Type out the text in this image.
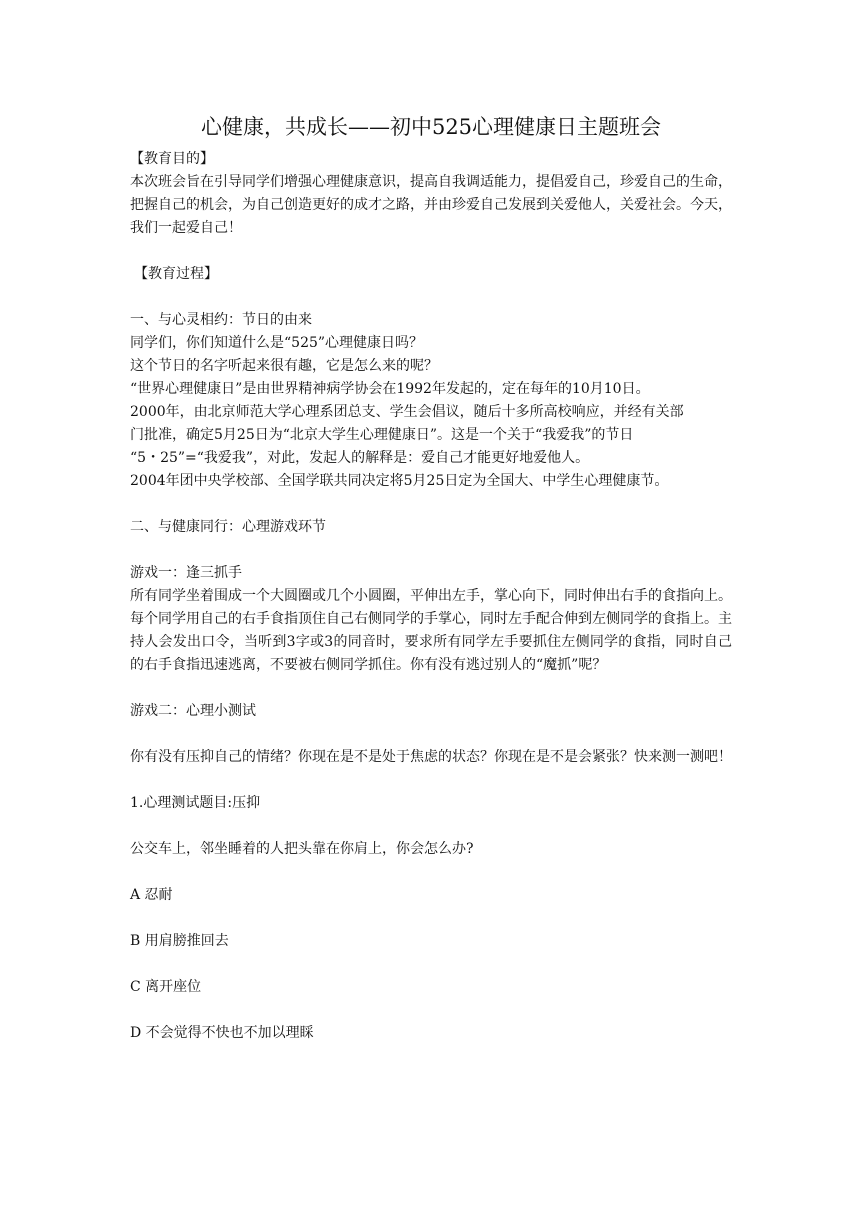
心健康，共成长——初中525心理健康日主题班会

【教育目的】

本次班会旨在引导同学们增强心理健康意识，提高自我调适能力，提倡爱自己，珍爱自己的生命，把握自己的机会，为自己创造更好的成才之路，并由珍爱自己发展到关爱他人，关爱社会。今天，我们一起爱自己！

【教育过程】

一、与心灵相约：节日的由来

同学们，你们知道什么是“525”心理健康日吗？

这个节日的名字听起来很有趣，它是怎么来的呢？

“世界心理健康日”是由世界精神病学协会在1992年发起的，定在每年的10月10日。

2000年，由北京师范大学心理系团总支、学生会倡议，随后十多所高校响应，并经有关部

门批准，确定5月25日为“北京大学生心理健康日”。这是一个关于“我爱我”的节日

“5・25”=“我爱我”，对此，发起人的解释是：爱自己才能更好地爱他人。

2004年团中央学校部、全国学联共同决定将5月25日定为全国大、中学生心理健康节。

二、与健康同行：心理游戏环节

游戏一：逢三抓手

所有同学坐着围成一个大圆圈或几个小圆圈，平伸出左手，掌心向下，同时伸出右手的食指向上。每个同学用自己的右手食指顶住自己右侧同学的手掌心，同时左手配合伸到左侧同学的食指上。主持人会发出口令，当听到3字或3的同音时，要求所有同学左手要抓住左侧同学的食指，同时自己的右手食指迅速逃离，不要被右侧同学抓住。你有没有逃过别人的“魔抓”呢？

游戏二：心理小测试

你有没有压抑自己的情绪？你现在是不是处于焦虑的状态？你现在是不是会紧张？快来测一测吧！

1.心理测试题目:压抑

公交车上，邻坐睡着的人把头靠在你肩上，你会怎么办?

A 忍耐

B 用肩膀推回去

C 离开座位

D 不会觉得不快也不加以理睬
